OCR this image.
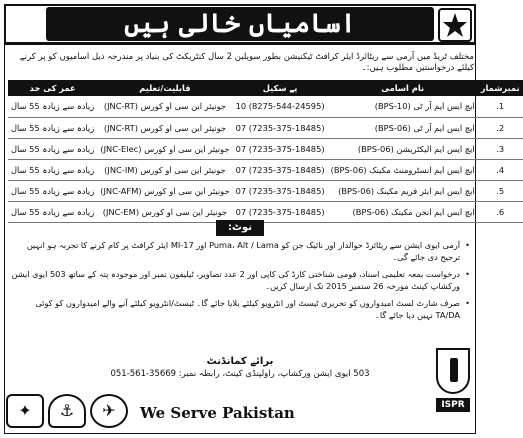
اسامیاں خالی ہیں
مختلف ٹریڈ میں آرمی سے ریٹائرڈ ایئر کرافٹ ٹیکنیشن بطور سویلین 2 سال کنٹریکٹ کی بنیاد پر مندرجہ ذیل اسامیوں کو پر کرنے کیلئے درخواستیں مطلوب ہیں:۔
نمبرشمار	نام اسامی	پے سکیل	قابلیت/تعلیم	عمر کی حد
1.	ایچ ایس ایم آر ٹی (BPS-10)	10 (8275-544-24595)	جونیئر این سی او کورس (JNC-RT)	زیادہ سے زیادہ 55 سال
2.	ایچ ایس ایم آر ٹی (BPS-06)	07 (7235-375-18485)	جونیئر این سی او کورس (JNC-RT)	زیادہ سے زیادہ 55 سال
3.	ایچ ایس ایم الیکٹریشن (BPS-06)	07 (7235-375-18485)	جونیئر این سی او کورس (JNC-Elec)	زیادہ سے زیادہ 55 سال
4.	ایچ ایس ایم انسٹرومنٹ مکینک (BPS-06)	07 (7235-375-18485)	جونیئر این سی او کورس (JNC-IM)	زیادہ سے زیادہ 55 سال
5.	ایچ ایس ایم ایئر فریم مکینک (BPS-06)	07 (7235-375-18485)	جونیئر این سی او کورس (JNC-AFM)	زیادہ سے زیادہ 55 سال
6.	ایچ ایس ایم انجن مکینک (BPS-06)	07 (7235-375-18485)	جونیئر این سی او کورس (JNC-EM)	زیادہ سے زیادہ 55 سال
نوٹ:
• آرمی ایوی ایشن سے ریٹائرڈ حوالدار اور نائیک جن کو Puma، Alt / Lama اور MI-17 ایئر کرافٹ پر کام کرنے کا تجربہ ہو انہیں ترجیح دی جائے گی۔
• درخواست بمعہ تعلیمی اسناد، قومی شناختی کارڈ کی کاپی اور 2 عدد تصاویر، ٹیلیفون نمبر اور موجودہ پتہ کے ساتھ 503 ایوی ایشن ورکشاپ کینٹ مورخہ 26 ستمبر 2015 تک ارسال کریں۔
• صرف شارٹ لسٹ امیدواروں کو تحریری ٹیسٹ اور انٹرویو کیلئے بلایا جائے گا۔ ٹیسٹ/انٹرویو کیلئے آنے والے امیدواروں کو کوئی TA/DA نہیں دیا جائے گا۔
برائے کمانڈنٹ
503 ایوی ایشن ورکشاپ، راولپنڈی کینٹ، رابطہ نمبر: 051-561-35669
✦	⚓	✈	We Serve Pakistan	ISPR
